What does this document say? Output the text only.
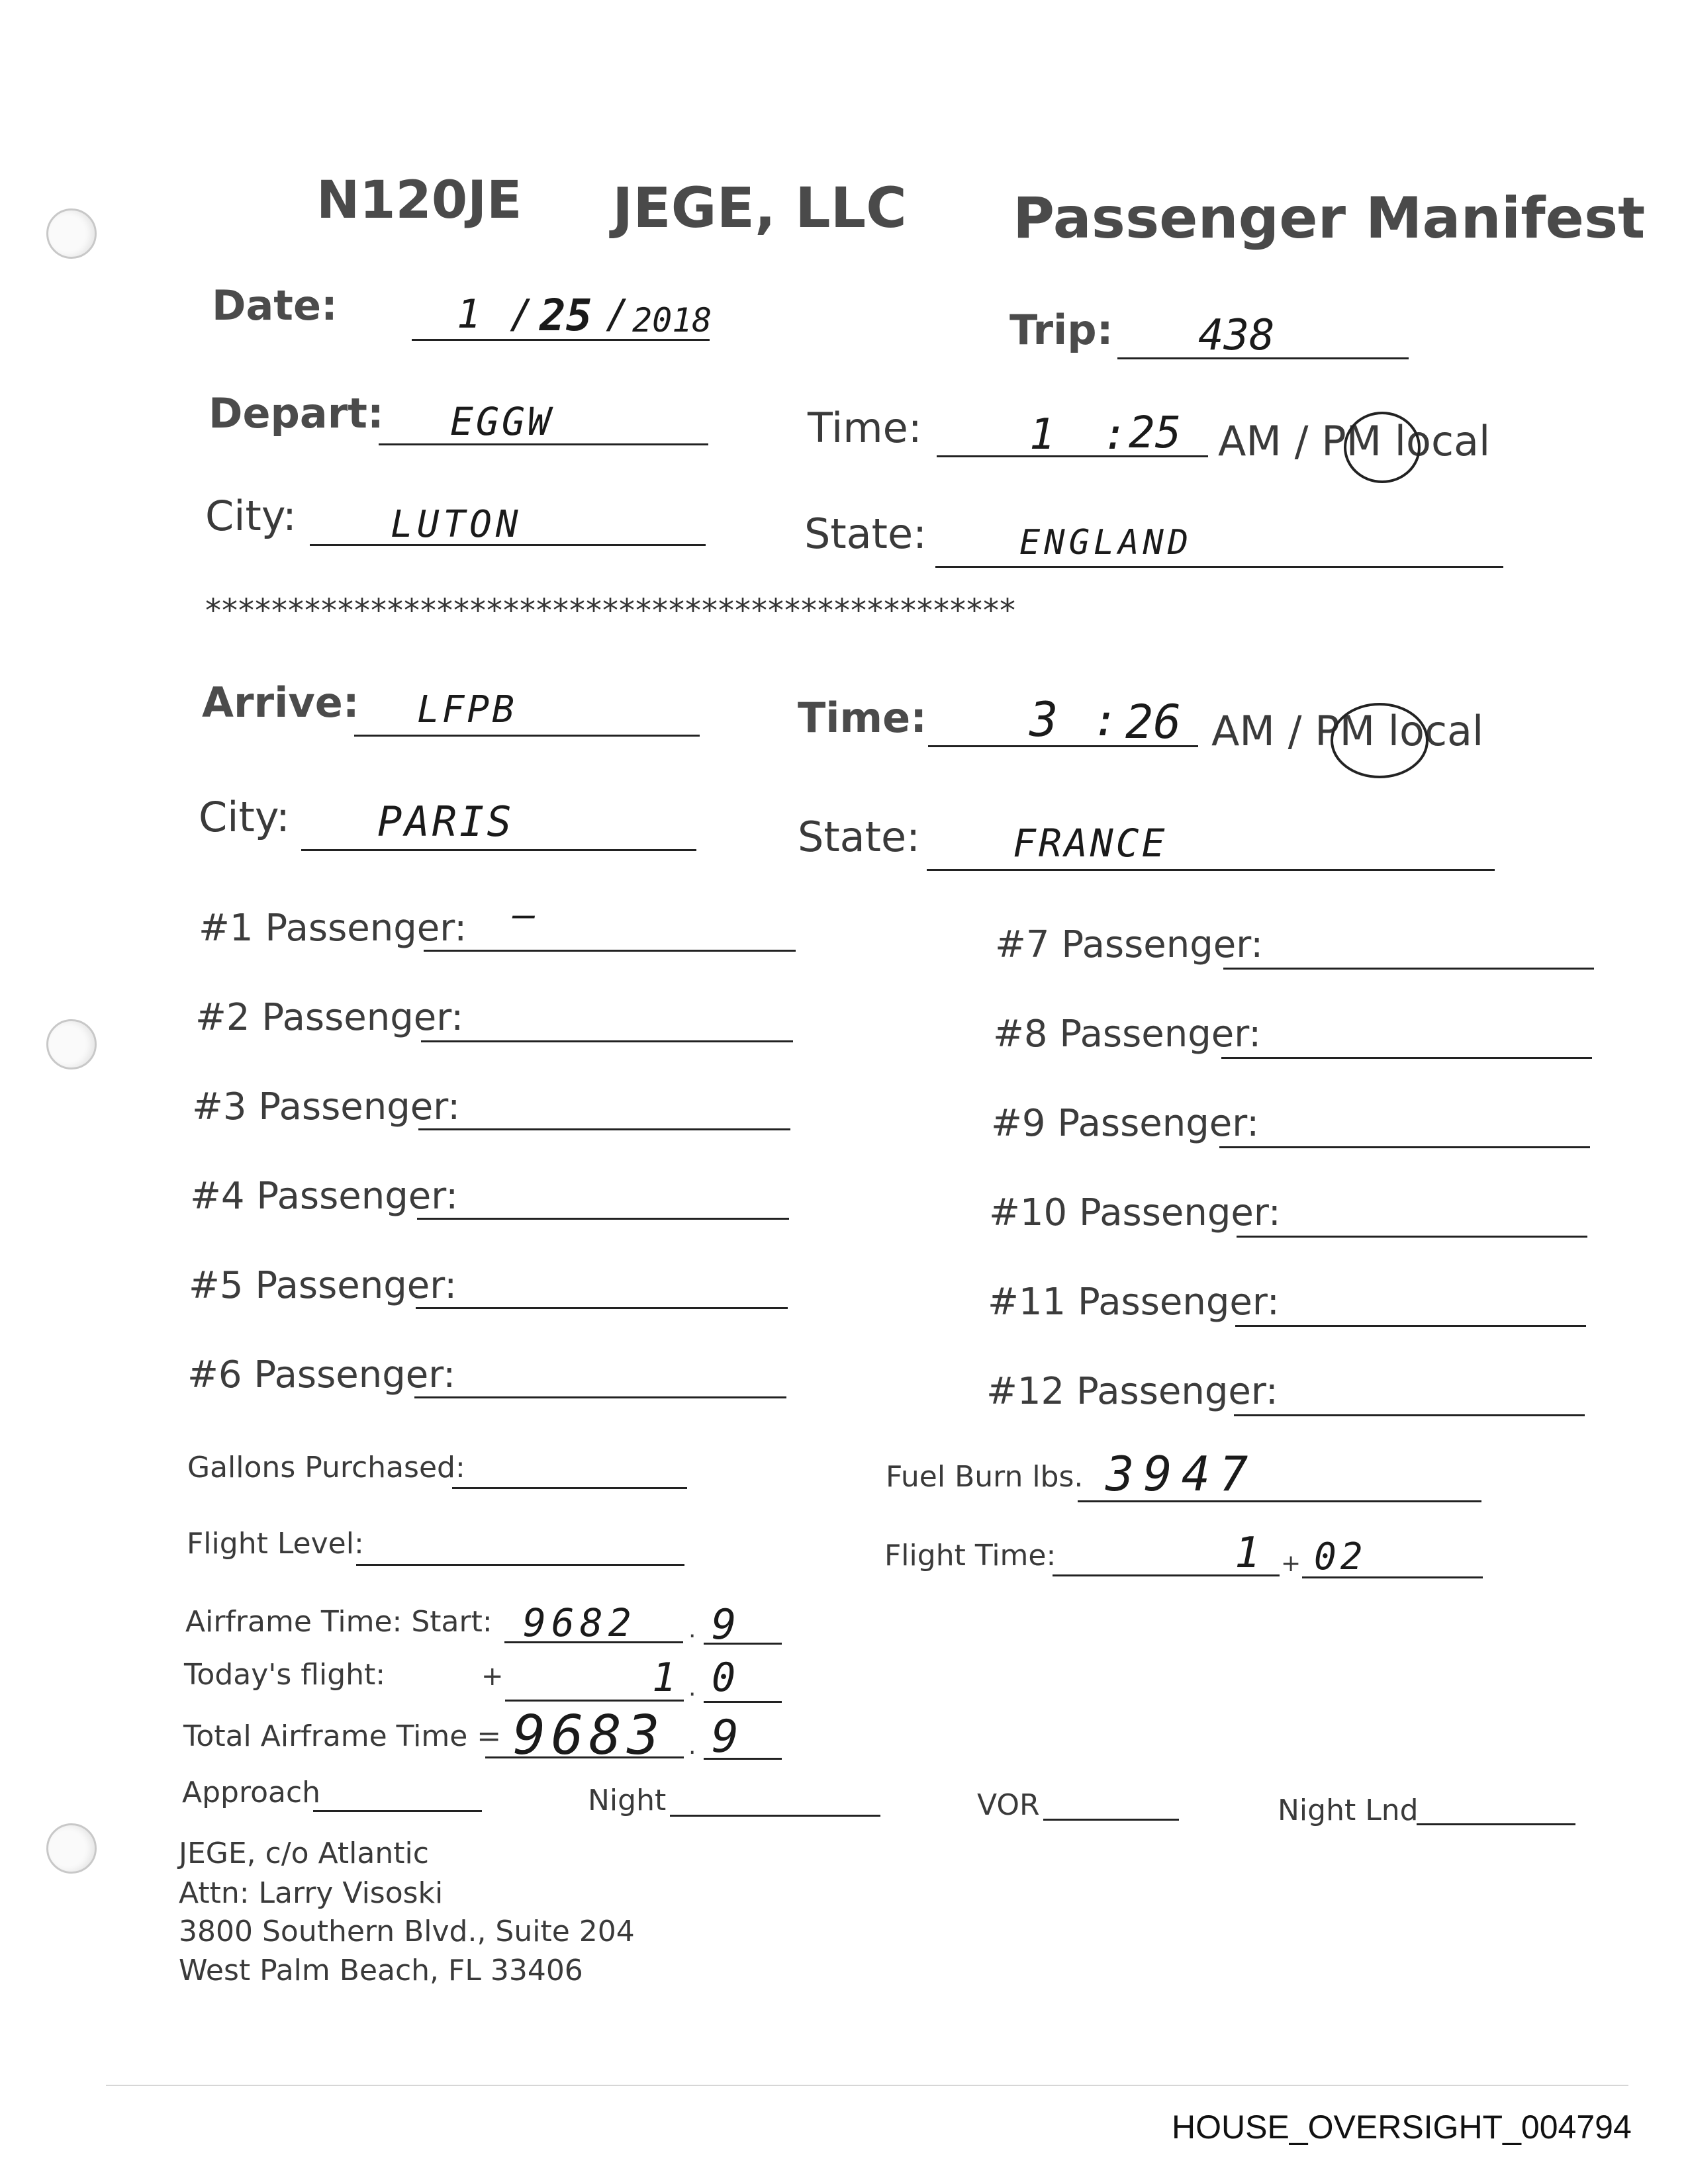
N120JE JEGE, LLC Passenger Manifest
Date:	1 / 25 / 2018	Trip: 438
Depart: EGGW	Time:	1 : 25 AM / PM local
City:	LUTON	State:	ENGLAND
*************************************************
Arrive: LFPB	Time: 3 : 26 AM / PM local
City: PARIS	State: FRANCE
#1 Passenger: –
#2 Passenger:
#3 Passenger:
#4 Passenger:
#5 Passenger:
#6 Passenger:
#7 Passenger:
#8 Passenger:
#9 Passenger:
#10 Passenger:
#11 Passenger:
#12 Passenger:
Gallons Purchased:	Fuel Burn lbs. 3947
Flight Level:	Flight Time:	1 + 02
Airframe Time: Start: 9682 . 9
Today's flight:	+	1 . 0
Total Airframe Time = 9683 . 9
Approach	Night	VOR	Night Lnd
JEGE, c/o Atlantic
Attn: Larry Visoski
3800 Southern Blvd., Suite 204
West Palm Beach, FL 33406
HOUSE_OVERSIGHT_004794
